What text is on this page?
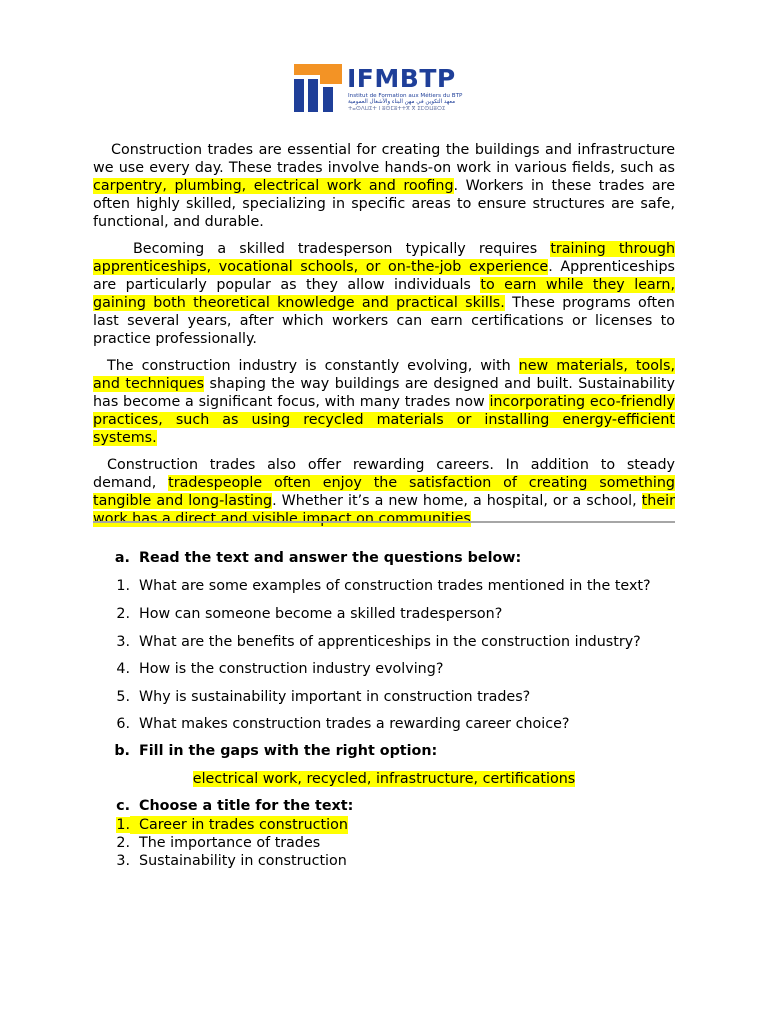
IFMBTP
Institut de Formation aux Métiers du BTP
معهد التكوين في مهن البناء والأشغال العمومية
ⵜⴰⵙⴷⵡⵉⵜ ⵏ ⵓⵙⵎⵓⵜⵜⴳ ⴳ ⵉⵎⵙⵡⵓⵔⵉ

Construction trades are essential for creating the buildings and infrastructure we use every day. These trades involve hands-on work in various fields, such as carpentry, plumbing, electrical work and roofing. Workers in these trades are often highly skilled, specializing in specific areas to ensure structures are safe, functional, and durable.

Becoming a skilled tradesperson typically requires training through apprenticeships, vocational schools, or on-the-job experience. Apprenticeships are particularly popular as they allow individuals to earn while they learn, gaining both theoretical knowledge and practical skills. These programs often last several years, after which workers can earn certifications or licenses to practice professionally.

The construction industry is constantly evolving, with new materials, tools, and techniques shaping the way buildings are designed and built. Sustainability has become a significant focus, with many trades now incorporating eco-friendly practices, such as using recycled materials or installing energy-efficient systems.

Construction trades also offer rewarding careers. In addition to steady demand, tradespeople often enjoy the satisfaction of creating something tangible and long-lasting. Whether it’s a new home, a hospital, or a school, their work has a direct and visible impact on communities.

a. Read the text and answer the questions below:
1. What are some examples of construction trades mentioned in the text?
2. How can someone become a skilled tradesperson?
3. What are the benefits of apprenticeships in the construction industry?
4. How is the construction industry evolving?
5. Why is sustainability important in construction trades?
6. What makes construction trades a rewarding career choice?
b. Fill in the gaps with the right option:
electrical work, recycled, infrastructure, certifications
c. Choose a title for the text:
1. Career in trades construction
2. The importance of trades
3. Sustainability in construction
